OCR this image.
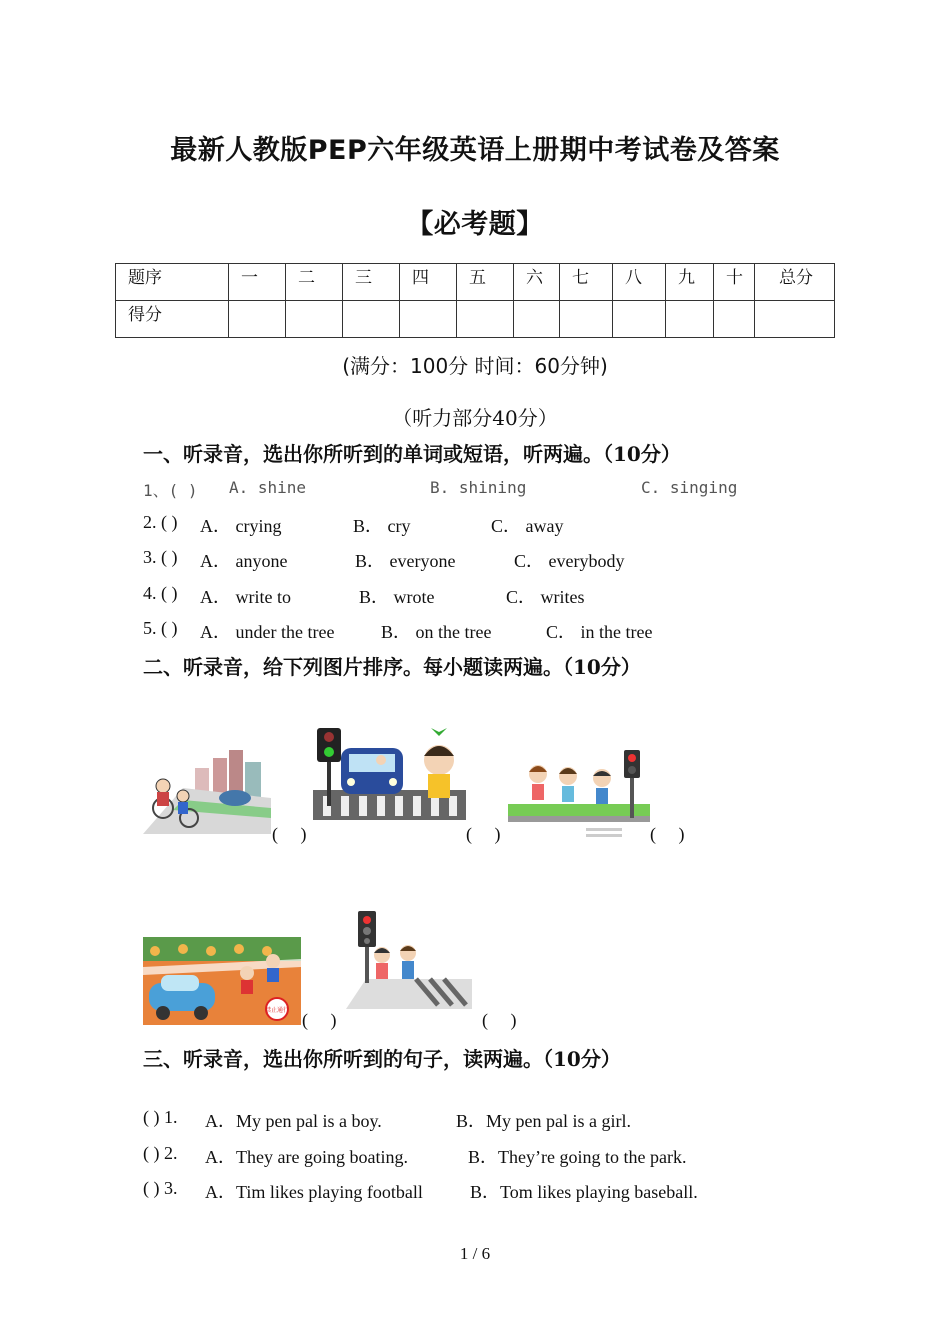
最新人教版PEP六年级英语上册期中考试卷及答案
【必考题】
题序	一	二	三	四	五	六	七	八	九	十	总分
得分											
(满分：100分 时间：60分钟)
（听力部分40分）
一、听录音，选出你所听到的单词或短语，听两遍。（10分）
1、( ) A. shine	B. shining	C. singing
2. ( ) A． crying	B． cry	C． away
3. ( ) A． anyone	B． everyone	C． everybody
4. ( ) A． write to	B． wrote	C． writes
5. ( ) A． under the tree	B． on the tree	C． in the tree
二、听录音，给下列图片排序。每小题读两遍。（10分）
(     )	(     )	(     )
禁止通行 (     )	(     )
三、听录音，选出你所听到的句子，读两遍。（10分）
( ) 1. A．My pen pal is a boy.	B．My pen pal is a girl.
( ) 2. A．They are going boating.	B．They’re going to the park.
( ) 3. A．Tim likes playing football	B．Tom likes playing baseball.
1 / 6
